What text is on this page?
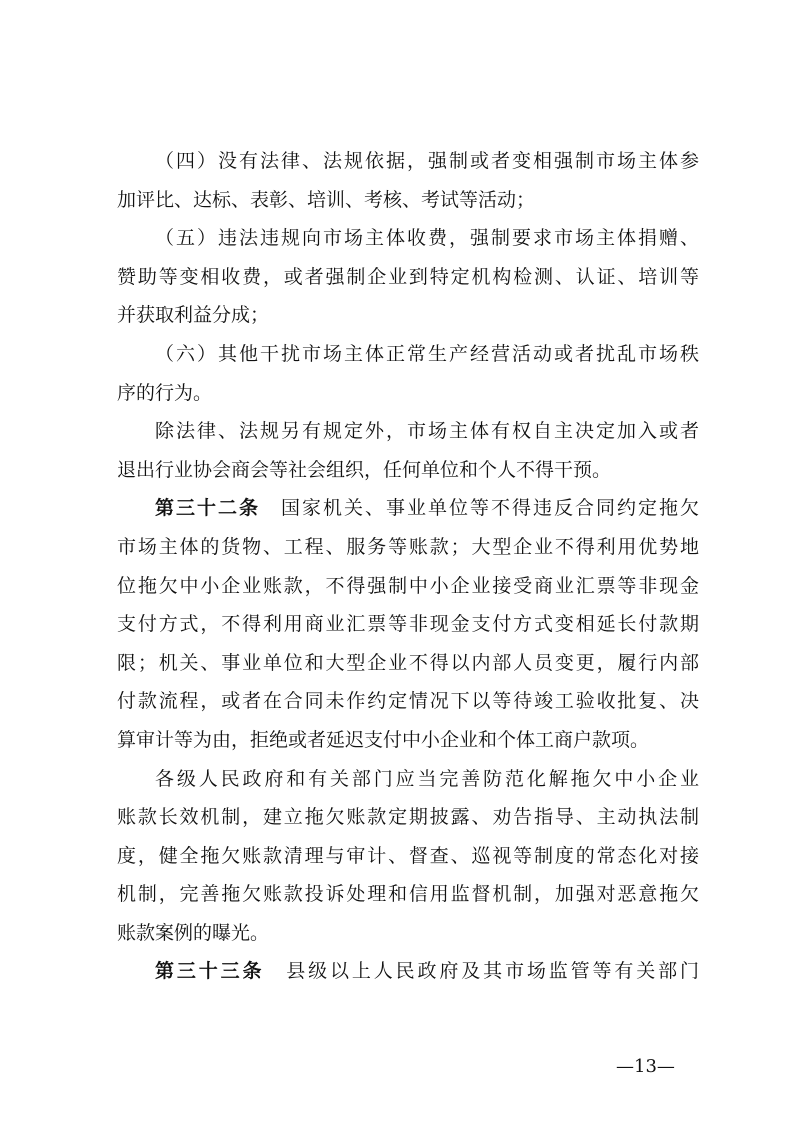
（四）没有法律、法规依据，强制或者变相强制市场主体参
加评比、达标、表彰、培训、考核、考试等活动；
（五）违法违规向市场主体收费，强制要求市场主体捐赠、
赞助等变相收费，或者强制企业到特定机构检测、认证、培训等
并获取利益分成；
（六）其他干扰市场主体正常生产经营活动或者扰乱市场秩
序的行为。
除法律、法规另有规定外，市场主体有权自主决定加入或者
退出行业协会商会等社会组织，任何单位和个人不得干预。
第三十二条 国家机关、事业单位等不得违反合同约定拖欠
市场主体的货物、工程、服务等账款；大型企业不得利用优势地
位拖欠中小企业账款，不得强制中小企业接受商业汇票等非现金
支付方式，不得利用商业汇票等非现金支付方式变相延长付款期
限；机关、事业单位和大型企业不得以内部人员变更，履行内部
付款流程，或者在合同未作约定情况下以等待竣工验收批复、决
算审计等为由，拒绝或者延迟支付中小企业和个体工商户款项。
各级人民政府和有关部门应当完善防范化解拖欠中小企业
账款长效机制，建立拖欠账款定期披露、劝告指导、主动执法制
度，健全拖欠账款清理与审计、督查、巡视等制度的常态化对接
机制，完善拖欠账款投诉处理和信用监督机制，加强对恶意拖欠
账款案例的曝光。
第三十三条 县级以上人民政府及其市场监管等有关部门
—13—
